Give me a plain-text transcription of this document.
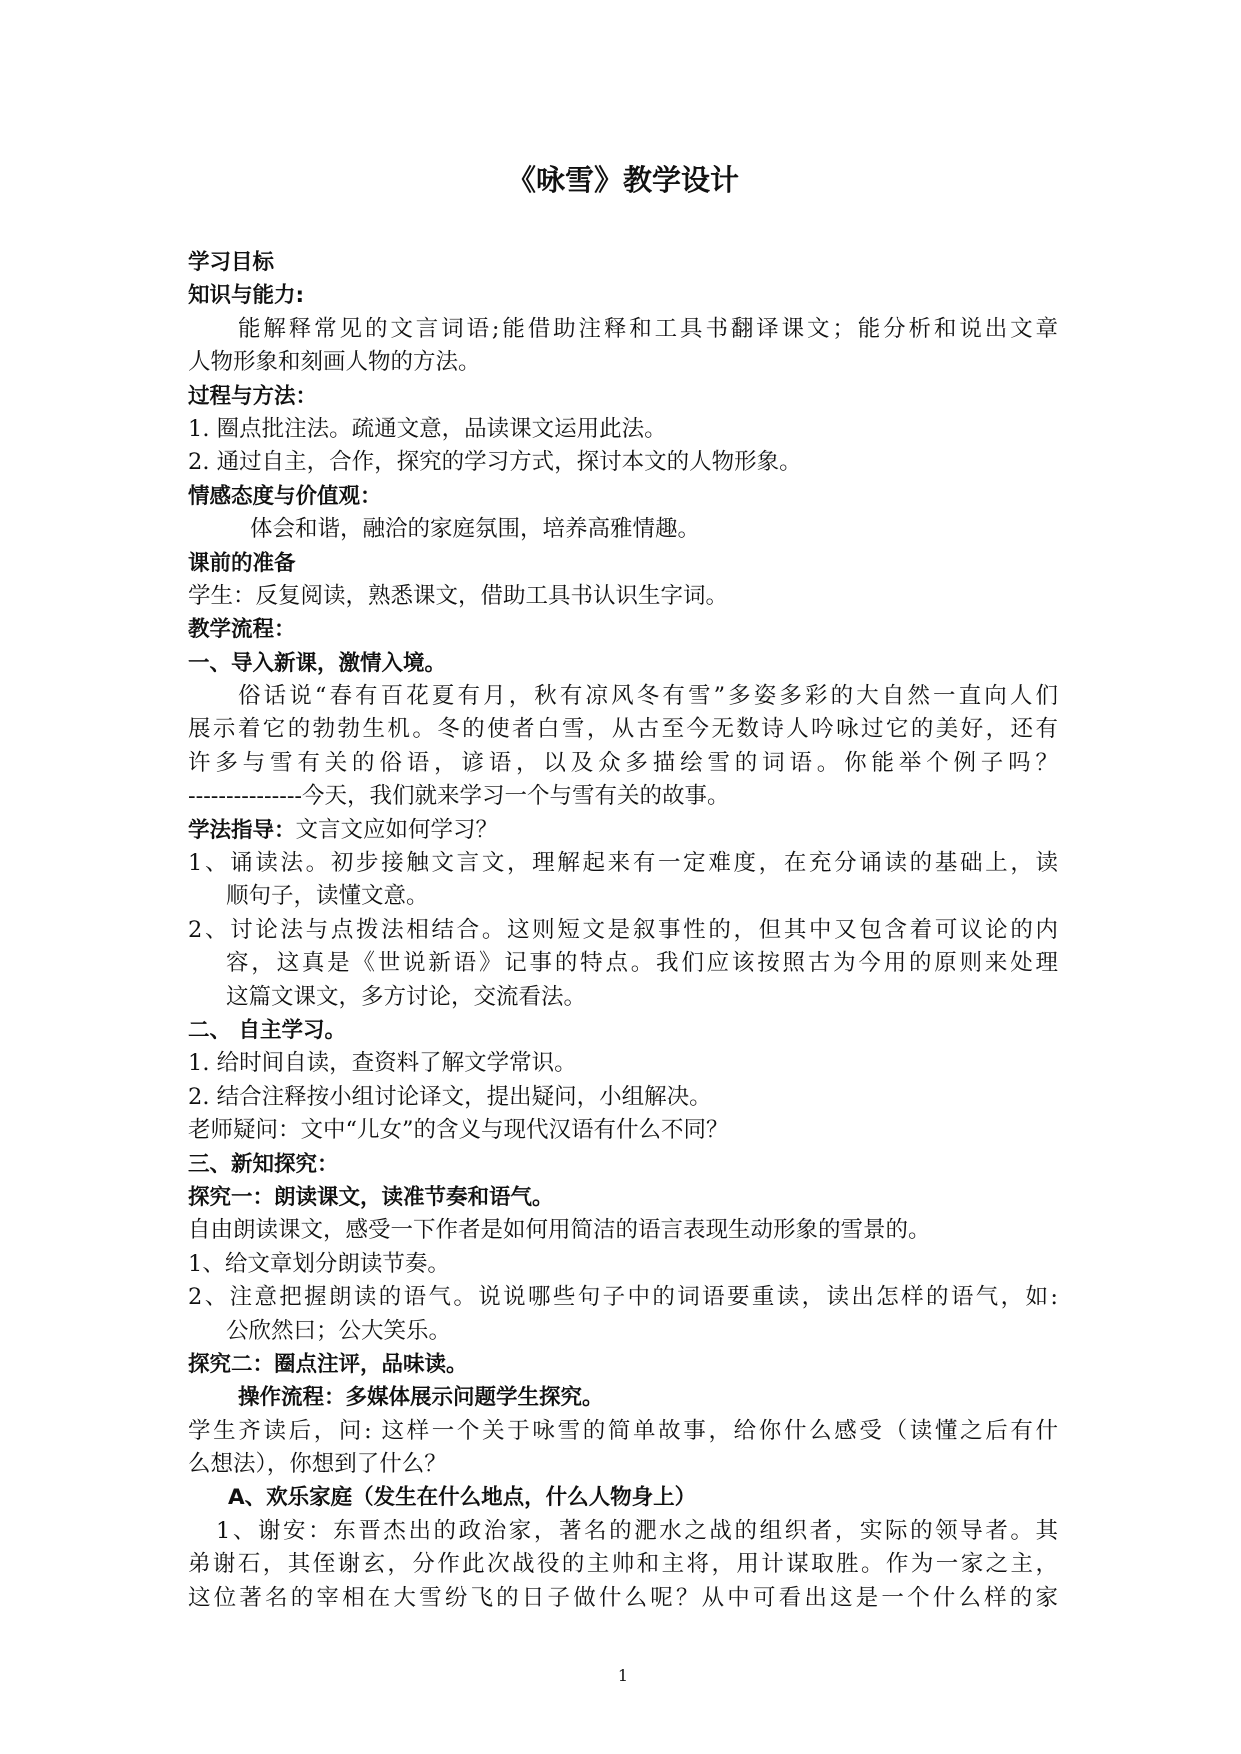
《咏雪》教学设计
学习目标
知识与能力:
能解释常见的文言词语;能借助注释和工具书翻译课文；能分析和说出文章
人物形象和刻画人物的方法。
过程与方法：
1. 圈点批注法。疏通文意，品读课文运用此法。
2. 通过自主，合作，探究的学习方式，探讨本文的人物形象。
情感态度与价值观：
体会和谐，融洽的家庭氛围，培养高雅情趣。
课前的准备
学生：反复阅读，熟悉课文，借助工具书认识生字词。
教学流程：
一、导入新课，激情入境。
俗话说“春有百花夏有月，秋有凉风冬有雪”多姿多彩的大自然一直向人们
展示着它的勃勃生机。冬的使者白雪，从古至今无数诗人吟咏过它的美好，还有
许多与雪有关的俗语，谚语，以及众多描绘雪的词语。你能举个例子吗？
---------------今天，我们就来学习一个与雪有关的故事。
学法指导：文言文应如何学习？
1、诵读法。初步接触文言文，理解起来有一定难度，在充分诵读的基础上，读
顺句子，读懂文意。
2、讨论法与点拨法相结合。这则短文是叙事性的，但其中又包含着可议论的内
容，这真是《世说新语》记事的特点。我们应该按照古为今用的原则来处理
这篇文课文，多方讨论，交流看法。
二、 自主学习。
1. 给时间自读，查资料了解文学常识。
2. 结合注释按小组讨论译文，提出疑问，小组解决。
老师疑问：文中“儿女”的含义与现代汉语有什么不同？
三、新知探究：
探究一：朗读课文，读准节奏和语气。
自由朗读课文，感受一下作者是如何用简洁的语言表现生动形象的雪景的。
1、给文章划分朗读节奏。
2、注意把握朗读的语气。说说哪些句子中的词语要重读，读出怎样的语气，如:
公欣然曰；公大笑乐。
探究二：圈点注评，品味读。
操作流程：多媒体展示问题学生探究。
学生齐读后，问: 这样一个关于咏雪的简单故事，给你什么感受（读懂之后有什
么想法），你想到了什么？
A、欢乐家庭（发生在什么地点，什么人物身上）
1、谢安：东晋杰出的政治家，著名的淝水之战的组织者，实际的领导者。其
弟谢石，其侄谢玄，分作此次战役的主帅和主将，用计谋取胜。作为一家之主，
这位著名的宰相在大雪纷飞的日子做什么呢？从中可看出这是一个什么样的家
1
